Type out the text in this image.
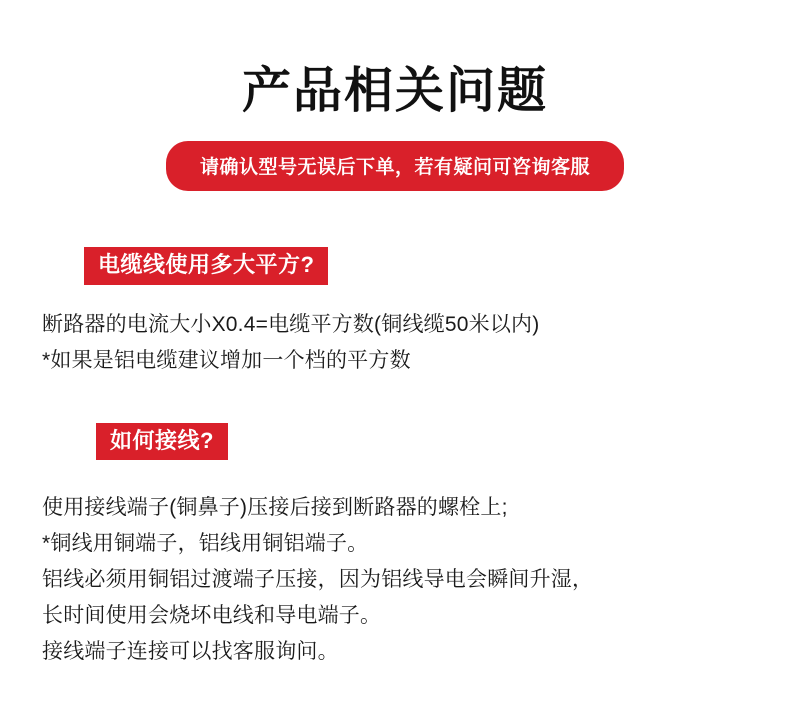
产品相关问题
请确认型号无误后下单，若有疑问可咨询客服
电缆线使用多大平方?
断路器的电流大小X0.4=电缆平方数(铜线缆50米以内)
*如果是铝电缆建议增加一个档的平方数
如何接线?
使用接线端子(铜鼻子)压接后接到断路器的螺栓上;
*铜线用铜端子，铝线用铜铝端子。
铝线必须用铜铝过渡端子压接，因为铝线导电会瞬间升湿，
长时间使用会烧坏电线和导电端子。
接线端子连接可以找客服询问。
